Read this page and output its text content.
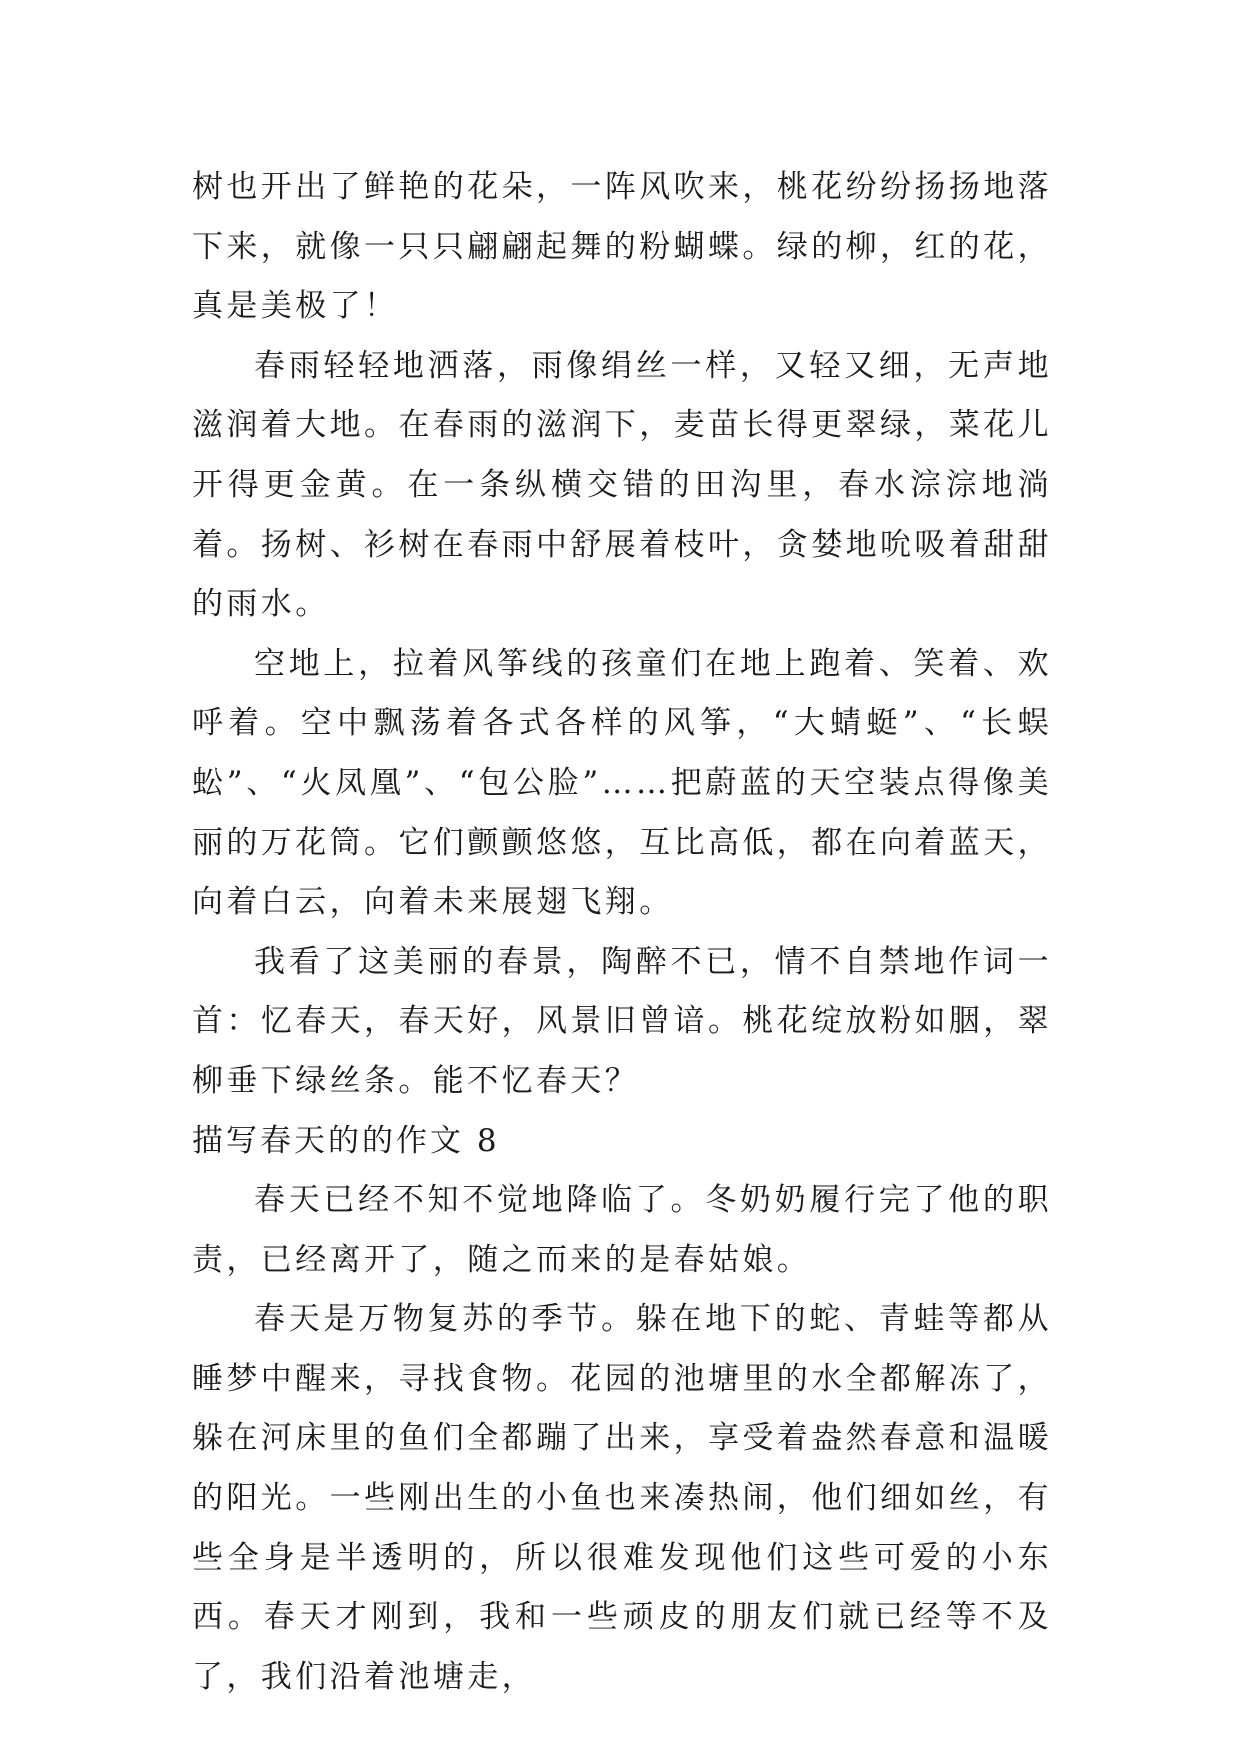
树也开出了鲜艳的花朵，一阵风吹来，桃花纷纷扬扬地落下来，就像一只只翩翩起舞的粉蝴蝶。绿的柳，红的花，真是美极了！

春雨轻轻地洒落，雨像绢丝一样，又轻又细，无声地滋润着大地。在春雨的滋润下，麦苗长得更翠绿，菜花儿开得更金黄。在一条纵横交错的田沟里，春水淙淙地淌着。扬树、衫树在春雨中舒展着枝叶，贪婪地吮吸着甜甜的雨水。

空地上，拉着风筝线的孩童们在地上跑着、笑着、欢呼着。空中飘荡着各式各样的风筝，“大蜻蜓”、“长蜈蚣”、“火凤凰”、“包公脸”……把蔚蓝的天空装点得像美丽的万花筒。它们颤颤悠悠，互比高低，都在向着蓝天，向着白云，向着未来展翅飞翔。

我看了这美丽的春景，陶醉不已，情不自禁地作词一首：忆春天，春天好，风景旧曾谙。桃花绽放粉如胭，翠柳垂下绿丝条。能不忆春天？

描写春天的的作文 8

春天已经不知不觉地降临了。冬奶奶履行完了他的职责，已经离开了，随之而来的是春姑娘。

春天是万物复苏的季节。躲在地下的蛇、青蛙等都从睡梦中醒来，寻找食物。花园的池塘里的水全都解冻了，躲在河床里的鱼们全都蹦了出来，享受着盎然春意和温暖的阳光。一些刚出生的小鱼也来凑热闹，他们细如丝，有些全身是半透明的，所以很难发现他们这些可爱的小东西。春天才刚到，我和一些顽皮的朋友们就已经等不及了，我们沿着池塘走，
